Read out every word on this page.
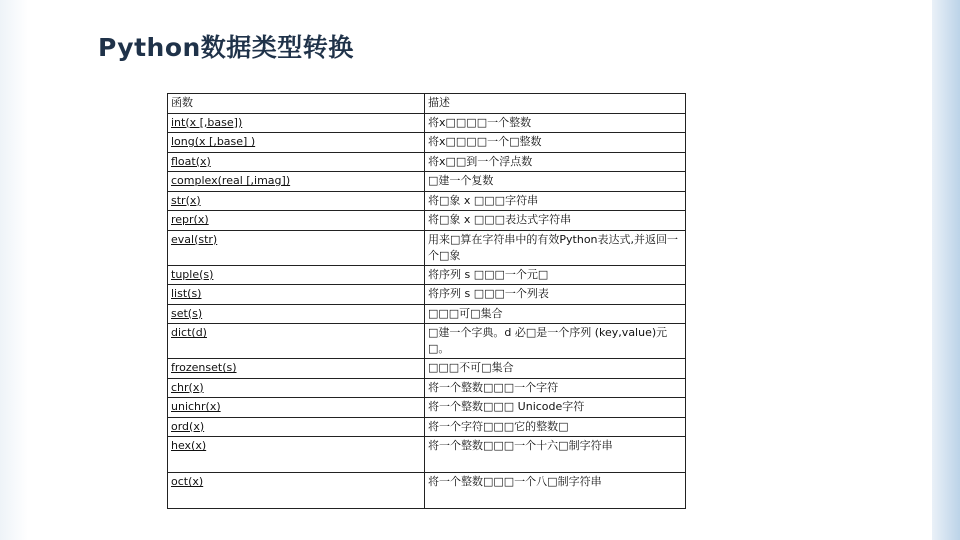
Python数据类型转换
函数	描述
int(x [,base])	将x□□□□一个整数
long(x [,base] )	将x□□□□一个□整数
float(x)	将x□□到一个浮点数
complex(real [,imag])	□建一个复数
str(x)	将□象 x □□□字符串
repr(x)	将□象 x □□□表达式字符串
eval(str)	用来□算在字符串中的有效Python表达式,并返回一个□象
tuple(s)	将序列 s □□□一个元□
list(s)	将序列 s □□□一个列表
set(s)	□□□可□集合
dict(d)	□建一个字典。d 必□是一个序列 (key,value)元□。
frozenset(s)	□□□不可□集合
chr(x)	将一个整数□□□一个字符
unichr(x)	将一个整数□□□ Unicode字符
ord(x)	将一个字符□□□它的整数□
hex(x)	将一个整数□□□一个十六□制字符串
oct(x)	将一个整数□□□一个八□制字符串
